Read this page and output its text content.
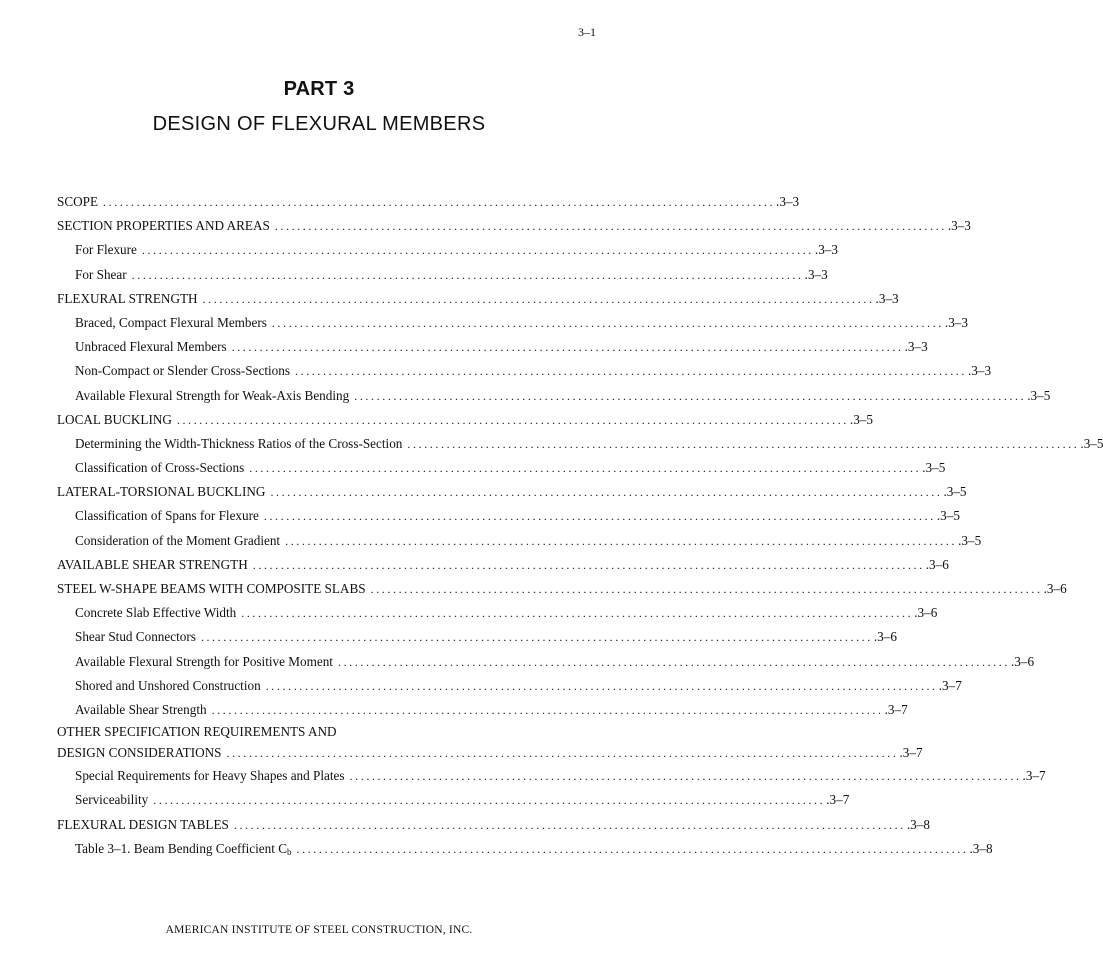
3–1
PART 3
DESIGN OF FLEXURAL MEMBERS
SCOPE ........................................................................................................................ .3–3
SECTION PROPERTIES AND AREAS ........................................................................................................................ .3–3
For Flexure ........................................................................................................................ .3–3
For Shear ........................................................................................................................ .3–3
FLEXURAL STRENGTH ........................................................................................................................ .3–3
Braced, Compact Flexural Members ........................................................................................................................ .3–3
Unbraced Flexural Members ........................................................................................................................ .3–3
Non-Compact or Slender Cross-Sections ........................................................................................................................ .3–3
Available Flexural Strength for Weak-Axis Bending ........................................................................................................................ .3–5
LOCAL BUCKLING ........................................................................................................................ .3–5
Determining the Width-Thickness Ratios of the Cross-Section ........................................................................................................................ .3–5
Classification of Cross-Sections ........................................................................................................................ .3–5
LATERAL-TORSIONAL BUCKLING ........................................................................................................................ .3–5
Classification of Spans for Flexure ........................................................................................................................ .3–5
Consideration of the Moment Gradient ........................................................................................................................ .3–5
AVAILABLE SHEAR STRENGTH ........................................................................................................................ .3–6
STEEL W-SHAPE BEAMS WITH COMPOSITE SLABS ........................................................................................................................ .3–6
Concrete Slab Effective Width ........................................................................................................................ .3–6
Shear Stud Connectors ........................................................................................................................ .3–6
Available Flexural Strength for Positive Moment ........................................................................................................................ .3–6
Shored and Unshored Construction ........................................................................................................................ .3–7
Available Shear Strength ........................................................................................................................ .3–7
OTHER SPECIFICATION REQUIREMENTS AND
DESIGN CONSIDERATIONS ........................................................................................................................ .3–7
Special Requirements for Heavy Shapes and Plates ........................................................................................................................ .3–7
Serviceability ........................................................................................................................ .3–7
FLEXURAL DESIGN TABLES ........................................................................................................................ .3–8
Table 3–1. Beam Bending Coefficient $C_b$ ........................................................................................................................ .3–8
AMERICAN INSTITUTE OF STEEL CONSTRUCTION, INC.
